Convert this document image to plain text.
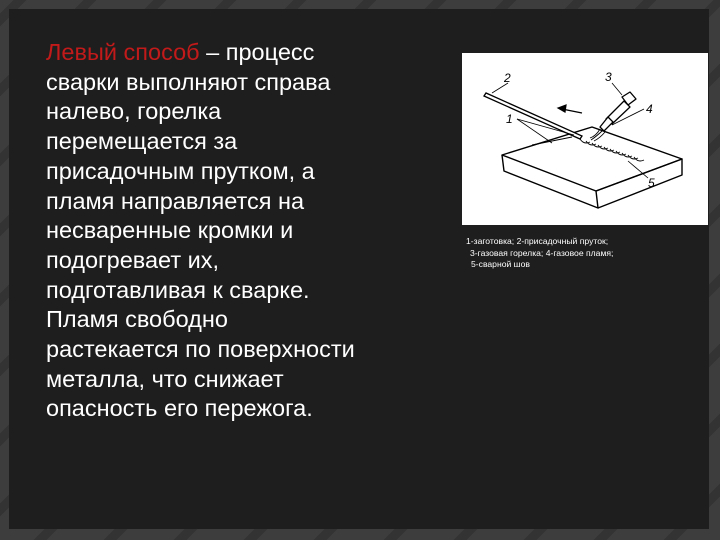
Левый способ – процесс
сварки выполняют справа
налево, горелка
перемещается за
присадочным прутком, а
пламя направляется на
несваренные кромки и
подогревает их,
подготавливая к сварке.
Пламя свободно
растекается по поверхности
металла, что снижает
опасность его пережога.

2	3
4
1
5
1-заготовка; 2-присадочный пруток;
3-газовая горелка; 4-газовое пламя;
5-сварной шов
